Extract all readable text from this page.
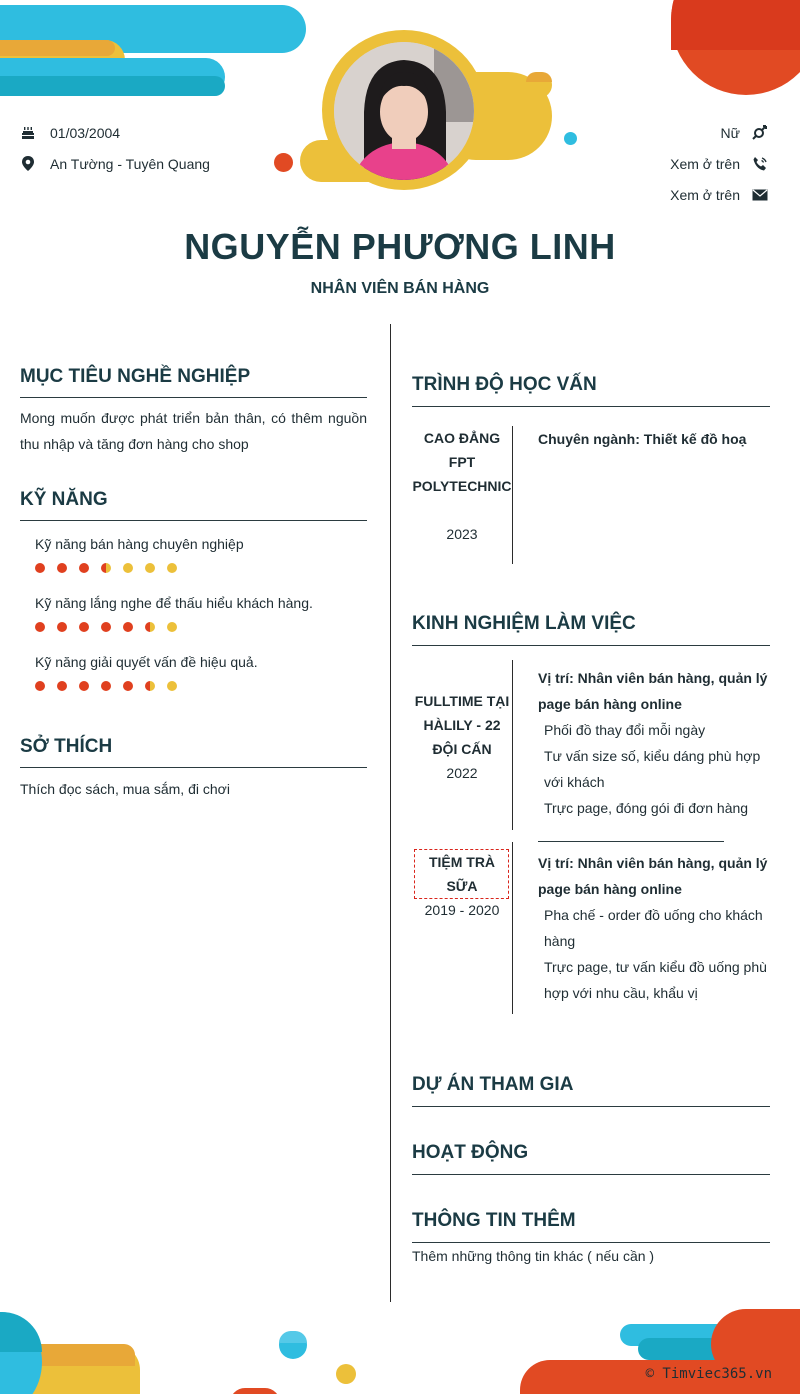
01/03/2004
An Tường - Tuyên Quang
Nữ
Xem ở trên
Xem ở trên
NGUYỄN PHƯƠNG LINH
NHÂN VIÊN BÁN HÀNG
MỤC TIÊU NGHỀ NGHIỆP
Mong muốn được phát triển bản thân, có thêm nguồn thu nhập và tăng đơn hàng cho shop
KỸ NĂNG
Kỹ năng bán hàng chuyên nghiệp
Kỹ năng lắng nghe để thấu hiểu khách hàng.
Kỹ năng giải quyết vấn đề hiệu quả.
SỞ THÍCH
Thích đọc sách, mua sắm, đi chơi
TRÌNH ĐỘ HỌC VẤN
CAO ĐẲNG
FPT
POLYTECHNIC
2023
Chuyên ngành: Thiết kế đồ hoạ
KINH NGHIỆM LÀM VIỆC
FULLTIME TẠI
HÀLILY - 22
ĐỘI CẤN
2022
Vị trí: Nhân viên bán hàng, quản lý
page bán hàng online
Phối đồ thay đổi mỗi ngày
Tư vấn size số, kiểu dáng phù hợp
với khách
Trực page, đóng gói đi đơn hàng
TIỆM TRÀ
SỮA
2019 - 2020
Vị trí: Nhân viên bán hàng, quản lý
page bán hàng online
Pha chế - order đồ uống cho khách
hàng
Trực page, tư vấn kiểu đồ uống phù
hợp với nhu cầu, khẩu vị
DỰ ÁN THAM GIA
HOẠT ĐỘNG
THÔNG TIN THÊM
Thêm những thông tin khác ( nếu cần )
© Timviec365.vn
